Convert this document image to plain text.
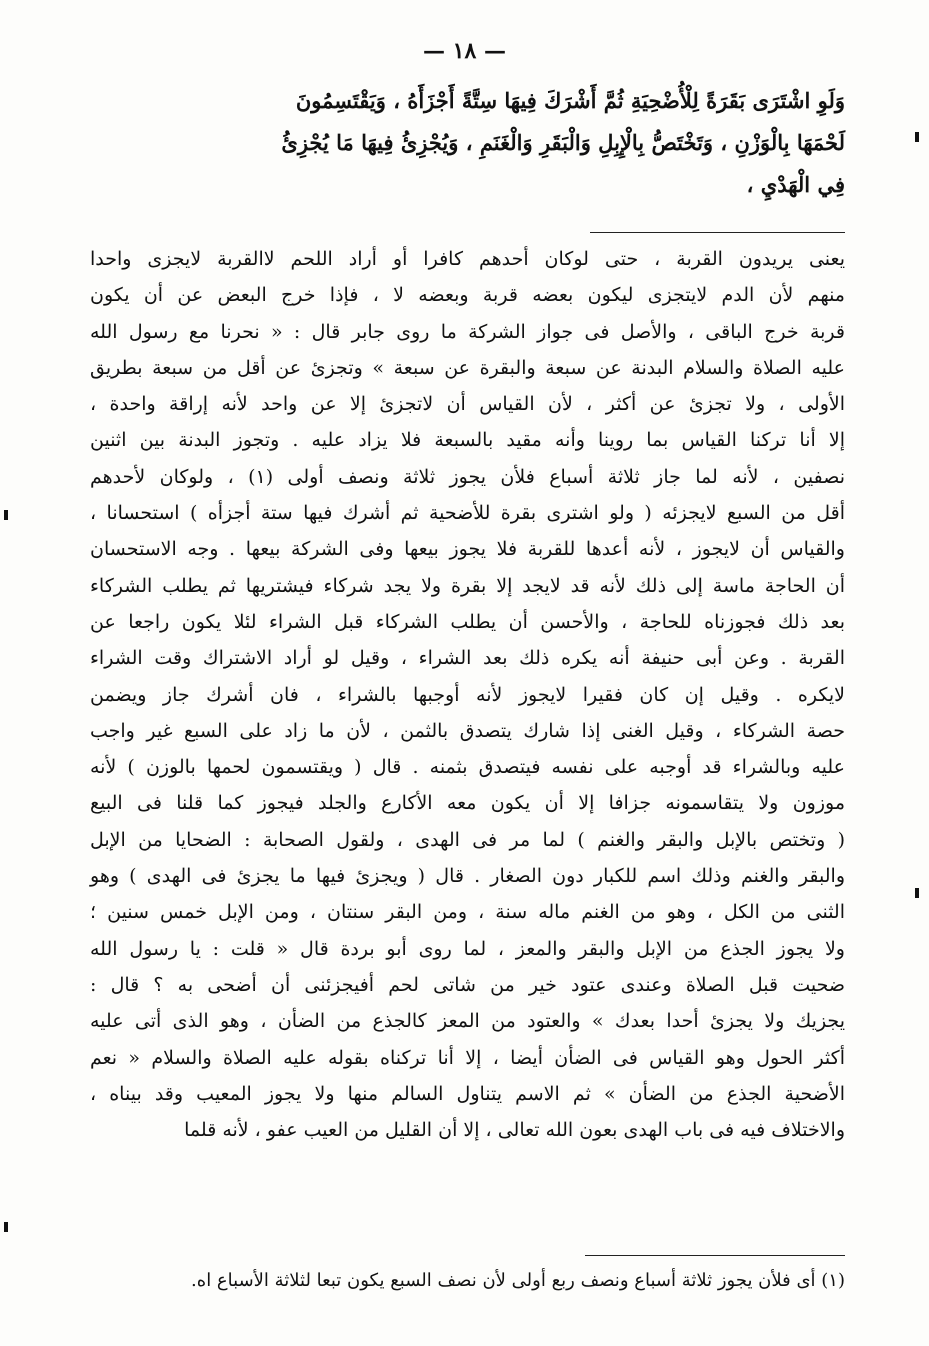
— ١٨ —

وَلَوِ اشْتَرَى بَقَرَةً لِلْأُضْحِيَةِ ثُمَّ أَشْرَكَ فِيهَا سِتَّةً أَجْزَأَهُ ، وَيَقْتَسِمُونَ

لَحْمَهَا بِالْوَزْنِ ، وَتَخْتَصُّ بِالْإِبِلِ وَالْبَقَرِ وَالْغَنَمِ ، وَيُجْزِئُ فِيهَا مَا يُجْزِئُ

فِي الْهَدْيِ ،

يعنى يريدون القربة ، حتى لوكان أحدهم كافرا أو أراد اللحم لاالقربة لايجزى واحدا

منهم لأن الدم لايتجزى ليكون بعضه قربة وبعضه لا ، فإذا خرج البعض عن أن يكون

قربة خرج الباقى ، والأصل فى جواز الشركة ما روى جابر قال : « نحرنا مع رسول الله

عليه الصلاة والسلام البدنة عن سبعة والبقرة عن سبعة » وتجزئ عن أقل من سبعة بطريق

الأولى ، ولا تجزئ عن أكثر ، لأن القياس أن لاتجزئ إلا عن واحد لأنه إراقة واحدة ،

إلا أنا تركنا القياس بما روينا وأنه مقيد بالسبعة فلا يزاد عليه . وتجوز البدنة بين اثنين

نصفين ، لأنه لما جاز ثلاثة أسباع فلأن يجوز ثلاثة ونصف أولى (١) ، ولوكان لأحدهم

أقل من السبع لايجزئه ( ولو اشترى بقرة للأضحية ثم أشرك فيها ستة أجزأه ) استحسانا ،

والقياس أن لايجوز ، لأنه أعدها للقربة فلا يجوز بيعها وفى الشركة بيعها . وجه الاستحسان

أن الحاجة ماسة إلى ذلك لأنه قد لايجد إلا بقرة ولا يجد شركاء فيشتريها ثم يطلب الشركاء

بعد ذلك فجوزناه للحاجة ، والأحسن أن يطلب الشركاء قبل الشراء لئلا يكون راجعا عن

القربة . وعن أبى حنيفة أنه يكره ذلك بعد الشراء ، وقيل لو أراد الاشتراك وقت الشراء

لايكره . وقيل إن كان فقيرا لايجوز لأنه أوجبها بالشراء ، فان أشرك جاز ويضمن

حصة الشركاء ، وقيل الغنى إذا شارك يتصدق بالثمن ، لأن ما زاد على السبع غير واجب

عليه وبالشراء قد أوجبه على نفسه فيتصدق بثمنه . قال ( ويقتسمون لحمها بالوزن ) لأنه

موزون ولا يتقاسمونه جزافا إلا أن يكون معه الأكارع والجلد فيجوز كما قلنا فى البيع

( وتختص بالإبل والبقر والغنم ) لما مر فى الهدى ، ولقول الصحابة : الضحايا من الإبل

والبقر والغنم وذلك اسم للكبار دون الصغار . قال ( ويجزئ فيها ما يجزئ فى الهدى ) وهو

الثنى من الكل ، وهو من الغنم ماله سنة ، ومن البقر سنتان ، ومن الإبل خمس سنين ؛

ولا يجوز الجذع من الإبل والبقر والمعز ، لما روى أبو بردة قال « قلت : يا رسول الله

ضحيت قبل الصلاة وعندى عتود خير من شاتى لحم أفيجزئنى أن أضحى به ؟ قال :

يجزيك ولا يجزئ أحدا بعدك » والعتود من المعز كالجذع من الضأن ، وهو الذى أتى عليه

أكثر الحول وهو القياس فى الضأن أيضا ، إلا أنا تركناه بقوله عليه الصلاة والسلام « نعم

الأضحية الجذع من الضأن » ثم الاسم يتناول السالم منها ولا يجوز المعيب وقد بيناه ،

والاختلاف فيه فى باب الهدى بعون الله تعالى ، إلا أن القليل من العيب عفو ، لأنه قلما

(١) أى فلأن يجوز ثلاثة أسباع ونصف ربع أولى لأن نصف السبع يكون تبعا لثلاثة الأسباع اه.
